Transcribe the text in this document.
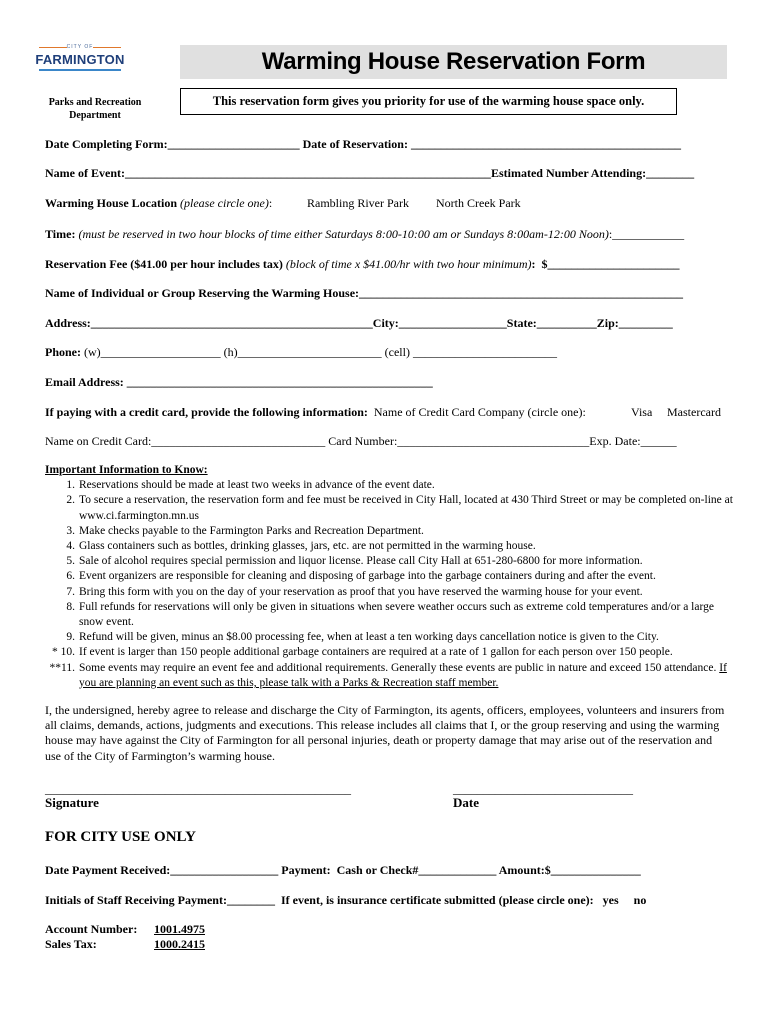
CITY OF
FARMINGTON	Warming House Reservation Form
Parks and Recreation
Department
This reservation form gives you priority for use of the warming house space only.
Date Completing Form:______________________ Date of Reservation: _____________________________________________
Name of Event:_____________________________________________________________Estimated Number Attending:________
Warming House Location (please circle one):	Rambling River Park North Creek Park
Time: (must be reserved in two hour blocks of time either Saturdays 8:00-10:00 am or Sundays 8:00am-12:00 Noon):____________
Reservation Fee ($41.00 per hour includes tax) (block of time x $41.00/hr with two hour minimum):  $______________________
Name of Individual or Group Reserving the Warming House:______________________________________________________
Address:_______________________________________________City:__________________State:__________Zip:_________
Phone: (w)____________________ (h)________________________ (cell) ________________________
Email Address: ___________________________________________________
If paying with a credit card, provide the following information:  Name of Credit Card Company (circle one):	Visa Mastercard
Name on Credit Card:_____________________________ Card Number:________________________________Exp. Date:______
Important Information to Know:
1. Reservations should be made at least two weeks in advance of the event date.
2. To secure a reservation, the reservation form and fee must be received in City Hall, located at 430 Third Street or may be completed on-line at www.ci.farmington.mn.us
3. Make checks payable to the Farmington Parks and Recreation Department.
4. Glass containers such as bottles, drinking glasses, jars, etc. are not permitted in the warming house.
5. Sale of alcohol requires special permission and liquor license. Please call City Hall at 651-280-6800 for more information.
6. Event organizers are responsible for cleaning and disposing of garbage into the garbage containers during and after the event.
7. Bring this form with you on the day of your reservation as proof that you have reserved the warming house for your event.
8. Full refunds for reservations will only be given in situations when severe weather occurs such as extreme cold temperatures and/or a large snow event.
9. Refund will be given, minus an $8.00 processing fee, when at least a ten working days cancellation notice is given to the City.
* 10. If event is larger than 150 people additional garbage containers are required at a rate of 1 gallon for each person over 150 people.
**11. Some events may require an event fee and additional requirements. Generally these events are public in nature and exceed 150 attendance. If you are planning an event such as this, please talk with a Parks & Recreation staff member.
I, the undersigned, hereby agree to release and discharge the City of Farmington, its agents, officers, employees, volunteers and insurers from all claims, demands, actions, judgments and executions. This release includes all claims that I, or the group reserving and using the warming house may have against the City of Farmington for all personal injuries, death or property damage that may arise out of the reservation and use of the City of Farmington’s warming house.
___________________________________________________	______________________________
Signature	Date
FOR CITY USE ONLY
Date Payment Received:__________________ Payment:  Cash or Check#_____________ Amount:$_______________
Initials of Staff Receiving Payment:________  If event, is insurance certificate submitted (please circle one):   yes     no
Account Number: 1001.4975
Sales Tax:	1000.2415
